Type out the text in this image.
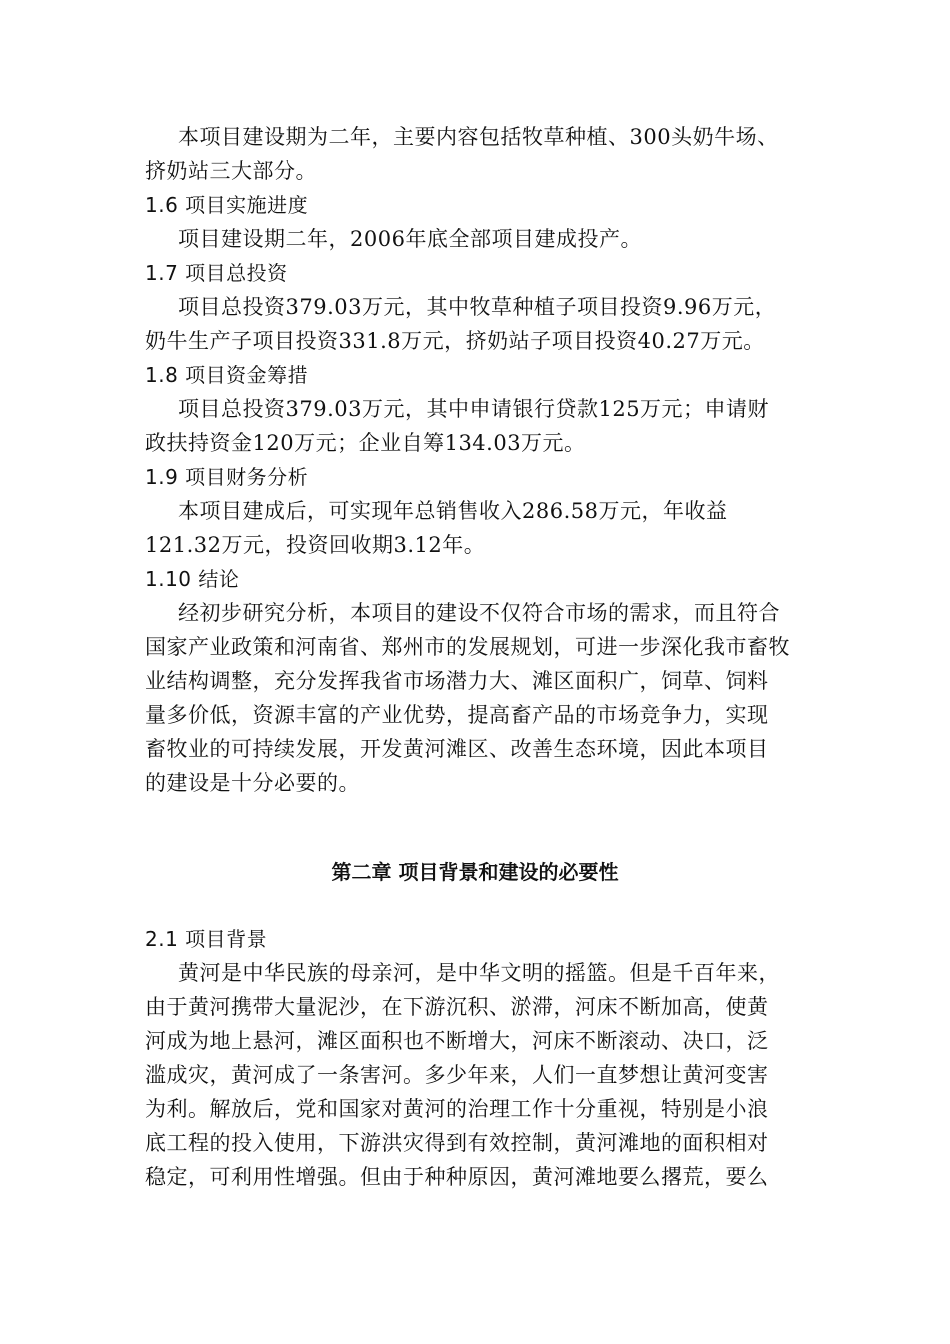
本项目建设期为二年，主要内容包括牧草种植、300头奶牛场、
挤奶站三大部分。
1.6 项目实施进度
项目建设期二年，2006年底全部项目建成投产。
1.7 项目总投资
项目总投资379.03万元，其中牧草种植子项目投资9.96万元，
奶牛生产子项目投资331.8万元，挤奶站子项目投资40.27万元。
1.8 项目资金筹措
项目总投资379.03万元，其中申请银行贷款125万元；申请财
政扶持资金120万元；企业自筹134.03万元。
1.9 项目财务分析
本项目建成后，可实现年总销售收入286.58万元，年收益
121.32万元，投资回收期3.12年。
1.10 结论
经初步研究分析，本项目的建设不仅符合市场的需求，而且符合
国家产业政策和河南省、郑州市的发展规划，可进一步深化我市畜牧
业结构调整，充分发挥我省市场潜力大、滩区面积广，饲草、饲料
量多价低，资源丰富的产业优势，提高畜产品的市场竞争力，实现
畜牧业的可持续发展，开发黄河滩区、改善生态环境，因此本项目
的建设是十分必要的。
第二章 项目背景和建设的必要性
2.1 项目背景
黄河是中华民族的母亲河，是中华文明的摇篮。但是千百年来，
由于黄河携带大量泥沙，在下游沉积、淤滞，河床不断加高，使黄
河成为地上悬河，滩区面积也不断增大，河床不断滚动、决口，泛
滥成灾，黄河成了一条害河。多少年来，人们一直梦想让黄河变害
为利。解放后，党和国家对黄河的治理工作十分重视，特别是小浪
底工程的投入使用，下游洪灾得到有效控制，黄河滩地的面积相对
稳定，可利用性增强。但由于种种原因，黄河滩地要么撂荒，要么
